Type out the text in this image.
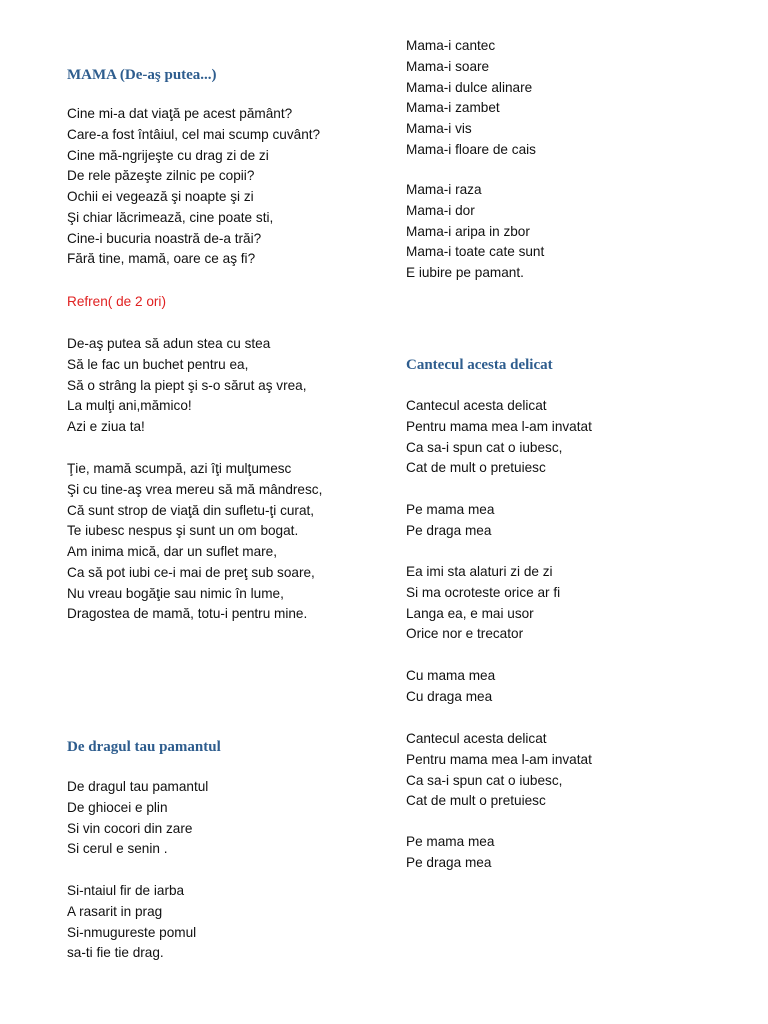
MAMA (De-aş putea...)
Cine mi-a dat viaţă pe acest pământ?
Care-a fost întâiul, cel mai scump cuvânt?
Cine mă-ngrijeşte cu drag zi de zi
De rele păzeşte zilnic pe copii?
Ochii ei vegează şi noapte şi zi
Şi chiar lăcrimează, cine poate sti,
Cine-i bucuria noastră de-a trăi?
Fără tine, mamă, oare ce aş fi?
Refren( de 2 ori)
De-aş putea să adun stea cu stea
Să le fac un buchet pentru ea,
Să o strâng la piept şi s-o sărut aş vrea,
La mulţi ani,mămico!
Azi e ziua ta!
Ţie, mamă scumpă, azi îţi mulţumesc
Şi cu tine-aş vrea mereu să mă mândresc,
Că sunt strop de viaţă din sufletu-ţi curat,
Te iubesc nespus şi sunt un om bogat.
Am inima mică, dar un suflet mare,
Ca să pot iubi ce-i mai de preţ sub soare,
Nu vreau bogăţie sau nimic în lume,
Dragostea de mamă, totu-i pentru mine.
De dragul tau pamantul
De dragul tau pamantul
De ghiocei e plin
Si vin cocori din zare
Si cerul e senin .
Si-ntaiul fir de iarba
A rasarit in prag
Si-nmugureste pomul
sa-ti fie tie drag.
Mama-i cantec
Mama-i soare
Mama-i dulce alinare
Mama-i zambet
Mama-i vis
Mama-i floare de cais
Mama-i raza
Mama-i dor
Mama-i aripa in zbor
Mama-i toate cate sunt
E iubire pe pamant.
Cantecul acesta delicat
Cantecul acesta delicat
Pentru mama mea l-am invatat
Ca sa-i spun cat o iubesc,
Cat de mult o pretuiesc
Pe mama mea
Pe draga mea
Ea imi sta alaturi zi de zi
Si ma ocroteste orice ar fi
Langa ea, e mai usor
Orice nor e trecator
Cu mama mea
Cu draga mea
Cantecul acesta delicat
Pentru mama mea l-am invatat
Ca sa-i spun cat o iubesc,
Cat de mult o pretuiesc
Pe mama mea
Pe draga mea
